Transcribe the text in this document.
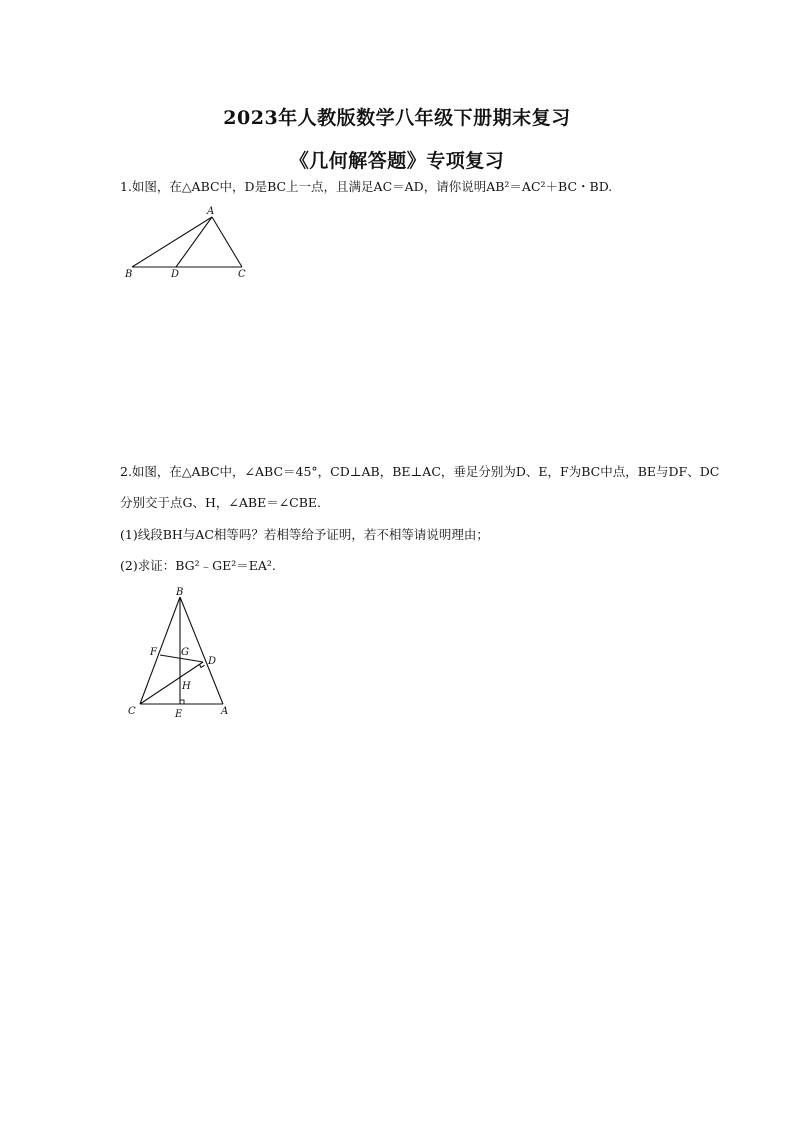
2023年人教版数学八年级下册期末复习
《几何解答题》专项复习
1.如图，在△ABC中，D是BC上一点，且满足AC＝AD，请你说明AB²＝AC²＋BC・BD.
A
B	D	C
2.如图，在△ABC中，∠ABC＝45°，CD⊥AB，BE⊥AC，垂足分别为D、E，F为BC中点，BE与DF、DC
分别交于点G、H，∠ABE＝∠CBE.
(1)线段BH与AC相等吗？若相等给予证明，若不相等请说明理由；
(2)求证：BG²﹣GE²＝EA².
B
F G
D
H
C	E	A
